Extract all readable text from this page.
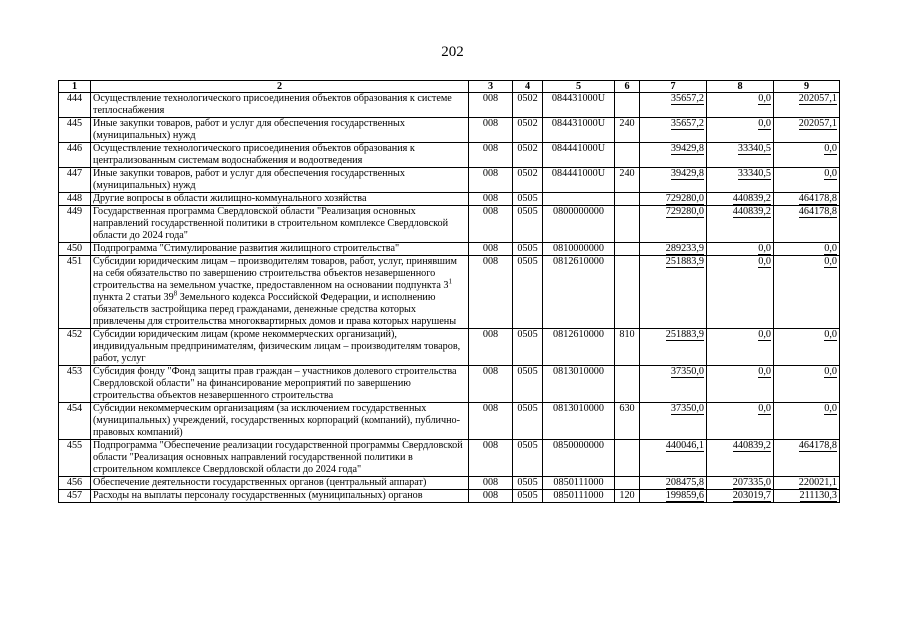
202
1	2	3	4	5	6	7	8	9
444	Осуществление технологического присоединения объектов образования к системе теплоснабжения	008	0502	084431000U		35657,2	0,0	202057,1
445	Иные закупки товаров, работ и услуг для обеспечения государственных (муниципальных) нужд	008	0502	084431000U	240	35657,2	0,0	202057,1
446	Осуществление технологического присоединения объектов образования к централизованным системам водоснабжения и водоотведения	008	0502	084441000U		39429,8	33340,5	0,0
447	Иные закупки товаров, работ и услуг для обеспечения государственных (муниципальных) нужд	008	0502	084441000U	240	39429,8	33340,5	0,0
448	Другие вопросы в области жилищно-коммунального хозяйства	008	0505			729280,0	440839,2	464178,8
449	Государственная программа Свердловской области "Реализация основных направлений государственной политики в строительном комплексе Свердловской области до 2024 года"	008	0505	0800000000		729280,0	440839,2	464178,8
450	Подпрограмма "Стимулирование развития жилищного строительства"	008	0505	0810000000		289233,9	0,0	0,0
451	Субсидии юридическим лицам – производителям товаров, работ, услуг, принявшим на себя обязательство по завершению строительства объектов незавершенного строительства на земельном участке, предоставленном на основании подпункта $3^1$ пункта 2 статьи $39^8$ Земельного кодекса Российской Федерации, и исполнению обязательств застройщика перед гражданами, денежные средства которых привлечены для строительства многоквартирных домов и права которых нарушены	008	0505	0812610000		251883,9	0,0	0,0
452	Субсидии юридическим лицам (кроме некоммерческих организаций), индивидуальным предпринимателям, физическим лицам – производителям товаров, работ, услуг	008	0505	0812610000	810	251883,9	0,0	0,0
453	Субсидия фонду "Фонд защиты прав граждан – участников долевого строительства Свердловской области" на финансирование мероприятий по завершению строительства объектов незавершенного строительства	008	0505	0813010000		37350,0	0,0	0,0
454	Субсидии некоммерческим организациям (за исключением государственных (муниципальных) учреждений, государственных корпораций (компаний), публично-правовых компаний)	008	0505	0813010000	630	37350,0	0,0	0,0
455	Подпрограмма "Обеспечение реализации государственной программы Свердловской области "Реализация основных направлений государственной политики в строительном комплексе Свердловской области до 2024 года"	008	0505	0850000000		440046,1	440839,2	464178,8
456	Обеспечение деятельности государственных органов (центральный аппарат)	008	0505	0850111000		208475,8	207335,0	220021,1
457	Расходы на выплаты персоналу государственных (муниципальных) органов	008	0505	0850111000	120	199859,6	203019,7	211130,3
